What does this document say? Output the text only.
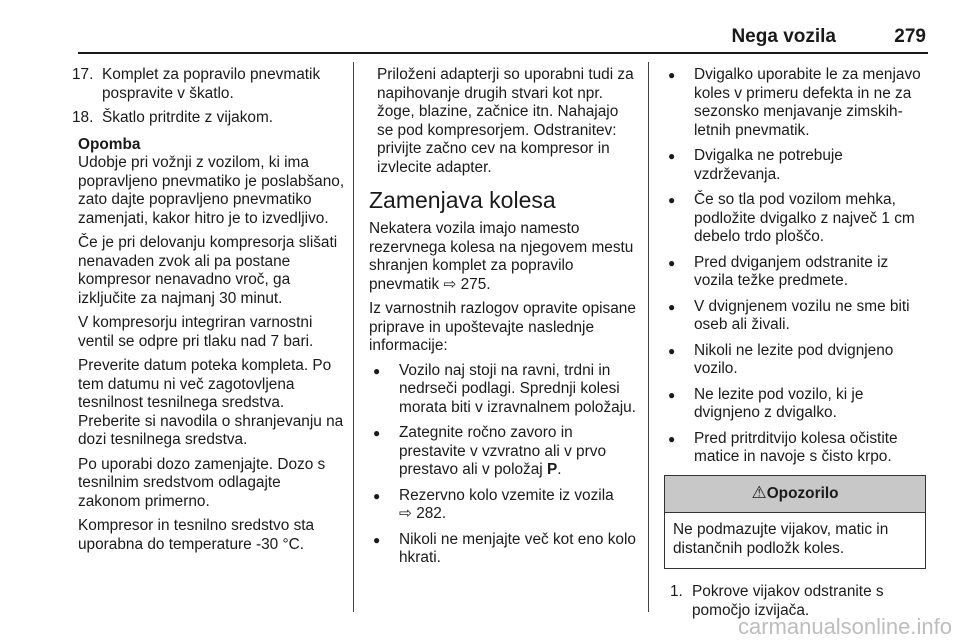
Nega vozila	279
17. Komplet za popravilo pnevmatik pospravite v škatlo.
18. Škatlo pritrdite z vijakom.

Opomba

Udobje pri vožnji z vozilom, ki ima popravljeno pnevmatiko je poslabšano, zato dajte popravljeno pnevmatiko zamenjati, kakor hitro je to izvedljivo.

Če je pri delovanju kompresorja slišati nenavaden zvok ali pa postane kompresor nenavadno vroč, ga izključite za najmanj 30 minut.

V kompresorju integriran varnostni ventil se odpre pri tlaku nad 7 bari.

Preverite datum poteka kompleta. Po tem datumu ni več zagotovljena tesnilnost tesnilnega sredstva. Preberite si navodila o shranjevanju na dozi tesnilnega sredstva.

Po uporabi dozo zamenjajte. Dozo s tesnilnim sredstvom odlagajte zakonom primerno.

Kompresor in tesnilno sredstvo sta uporabna do temperature -30 °C.

Priloženi adapterji so uporabni tudi za napihovanje drugih stvari kot npr. žoge, blazine, začnice itn. Nahajajo se pod kompresorjem. Odstranitev: privijte začno cev na kompresor in izvlecite adapter.

Zamenjava kolesa

Nekatera vozila imajo namesto rezervnega kolesa na njegovem mestu shranjen komplet za popravilo pnevmatik ⇨ 275.

Iz varnostnih razlogov opravite opisane priprave in upoštevajte naslednje informacije:

●	Vozilo naj stoji na ravni, trdni in nedrseči podlagi. Sprednji kolesi morata biti v izravnalnem položaju.
●	Zategnite ročno zavoro in prestavite v vzvratno ali v prvo prestavo ali v položaj P.
●	Rezervno kolo vzemite iz vozila
⇨ 282.
●	Nikoli ne menjajte več kot eno kolo hkrati.
●	Dvigalko uporabite le za menjavo koles v primeru defekta in ne za sezonsko menjavanje zimskih-letnih pnevmatik.
●	Dvigalka ne potrebuje vzdrževanja.
●	Če so tla pod vozilom mehka, podložite dvigalko z največ 1 cm debelo trdo ploščo.
●	Pred dviganjem odstranite iz vozila težke predmete.
●	V dvignjenem vozilu ne sme biti oseb ali živali.
●	Nikoli ne lezite pod dvignjeno vozilo.
●	Ne lezite pod vozilo, ki je dvignjeno z dvigalko.
●	Pred pritrditvijo kolesa očistite matice in navoje s čisto krpo.
⚠Opozorilo
Ne podmazujte vijakov, matic in distančnih podložk koles.
1. Pokrove vijakov odstranite s pomočjo izvijača.
carmanualsonline.info
